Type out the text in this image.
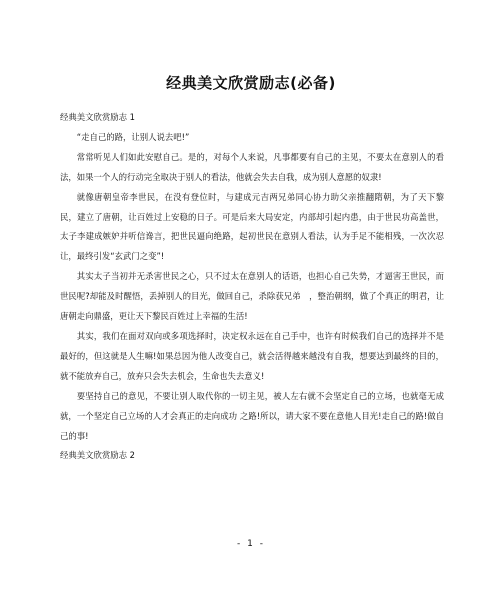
经典美文欣赏励志(必备)

经典美文欣赏励志 1

“走自己的路，让别人说去吧!”

常常听见人们如此安慰自己。是的，对每个人来说，凡事都要有自己的主见，不要太在意别人的看法，如果一个人的行动完全取决于别人的看法，他就会失去自我，成为别人意愿的奴隶!

就像唐朝皇帝李世民，在没有登位时，与建成元吉两兄弟同心协力助父亲推翻隋朝，为了天下黎民，建立了唐朝，让百姓过上安稳的日子。可是后来大局安定，内部却引起内患，由于世民功高盖世，太子李建成嫉妒并听信谗言，把世民逼向绝路，起初世民在意别人看法，认为手足不能相残，一次次忍让，最终引发“玄武门之变”!

其实太子当初并无杀害世民之心，只不过太在意别人的话语，也担心自己失势，才逼害王世民，而世民呢?却能及时醒悟，丢掉别人的目光，做回自己，杀除获兄弟　，整治朝纲，做了个真正的明君，让唐朝走向鼎盛，更让天下黎民百姓过上幸福的生活!

其实，我们在面对双向或多项选择时，决定权永远在自己手中，也许有时候我们自己的选择并不是最好的，但这就是人生嘛!如果总因为他人改变自己，就会活得越来越没有自我，想要达到最终的目的，就不能放弃自己，放弃只会失去机会，生命也失去意义!

要坚持自己的意见，不要让别人取代你的一切主见，被人左右就不会坚定自己的立场，也就毫无成就，一个坚定自己立场的人才会真正的走向成功 之路!所以，请大家不要在意他人目光!走自己的路!做自己的事!

经典美文欣赏励志 2

- 1 -
